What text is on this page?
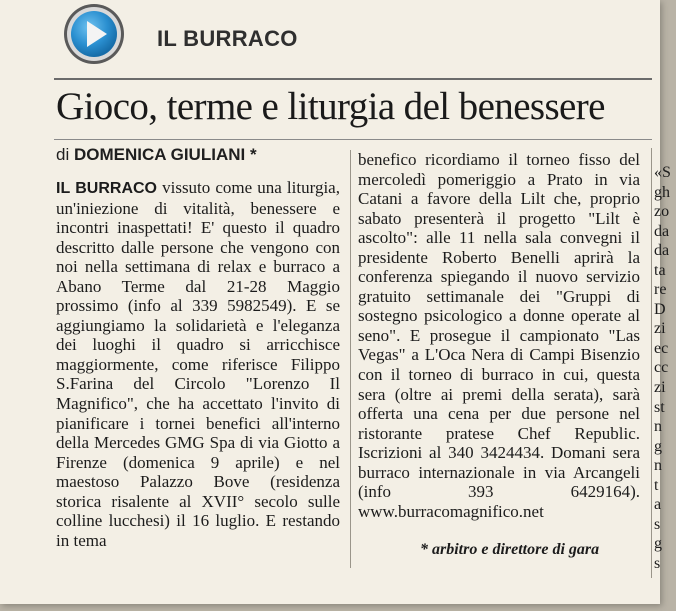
IL BURRACO
Gioco, terme e liturgia del benessere

di DOMENICA GIULIANI *

IL BURRACO vissuto come una liturgia, un'iniezione di vitalità, benessere e incontri inaspettati! E' questo il quadro descritto dalle persone che vengono con noi nella settimana di relax e burraco a Abano Terme dal 21-28 Maggio prossimo (info al 339 5982549). E se aggiungiamo la solidarietà e l'eleganza dei luoghi il quadro si arricchisce maggiormente, come riferisce Filippo S.Farina del Circolo "Lorenzo Il Magnifico", che ha accettato l'invito di pianificare i tornei benefici all'interno della Mercedes GMG Spa di via Giotto a Firenze (domenica 9 aprile) e nel maestoso Palazzo Bove (residenza storica risalente al XVII° secolo sulle colline lucchesi) il 16 luglio. E restando in tema

benefico ricordiamo il torneo fisso del mercoledì pomeriggio a Prato in via Catani a favore della Lilt che, proprio sabato presenterà il progetto "Lilt è ascolto": alle 11 nella sala convegni il presidente Roberto Benelli aprirà la conferenza spiegando il nuovo servizio gratuito settimanale dei "Gruppi di sostegno psicologico a donne operate al seno". E prosegue il campionato "Las Vegas" a L'Oca Nera di Campi Bisenzio con il torneo di burraco in cui, questa sera (oltre ai premi della serata), sarà offerta una cena per due persone nel ristorante pratese Chef Republic. Iscrizioni al 340 3424434. Domani sera burraco internazionale in via Arcangeli (info 393 6429164). www.burracomagnifico.net

* arbitro e direttore di gara

«S
gh
zo
da
da
ta
re
D
zi
ec
cc
zi
st
n
g
n
t
a
s
g
s
